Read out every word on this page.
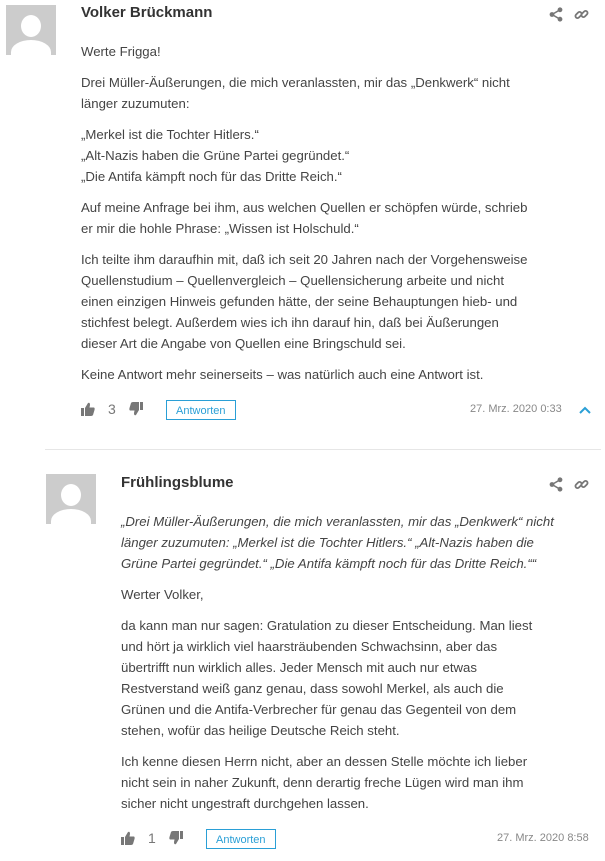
Volker Brückmann

Werte Frigga!

Drei Müller-Äußerungen, die mich veranlassten, mir das „Denkwerk“ nicht
länger zuzumuten:

„Merkel ist die Tochter Hitlers.“
„Alt-Nazis haben die Grüne Partei gegründet.“
„Die Antifa kämpft noch für das Dritte Reich.“

Auf meine Anfrage bei ihm, aus welchen Quellen er schöpfen würde, schrieb
er mir die hohle Phrase: „Wissen ist Holschuld.“

Ich teilte ihm daraufhin mit, daß ich seit 20 Jahren nach der Vorgehensweise
Quellenstudium – Quellenvergleich – Quellensicherung arbeite und nicht
einen einzigen Hinweis gefunden hätte, der seine Behauptungen hieb- und
stichfest belegt. Außerdem wies ich ihn darauf hin, daß bei Äußerungen
dieser Art die Angabe von Quellen eine Bringschuld sei.

Keine Antwort mehr seinerseits – was natürlich auch eine Antwort ist.

3	Antworten	27. Mrz. 2020 0:33
Frühlingsblume

„Drei Müller-Äußerungen, die mich veranlassten, mir das „Denkwerk“ nicht
länger zuzumuten: „Merkel ist die Tochter Hitlers.“ „Alt-Nazis haben die
Grüne Partei gegründet.“ „Die Antifa kämpft noch für das Dritte Reich.““

Werter Volker,

da kann man nur sagen: Gratulation zu dieser Entscheidung. Man liest
und hört ja wirklich viel haarsträubenden Schwachsinn, aber das
übertrifft nun wirklich alles. Jeder Mensch mit auch nur etwas
Restverstand weiß ganz genau, dass sowohl Merkel, als auch die
Grünen und die Antifa-Verbrecher für genau das Gegenteil von dem
stehen, wofür das heilige Deutsche Reich steht.

Ich kenne diesen Herrn nicht, aber an dessen Stelle möchte ich lieber
nicht sein in naher Zukunft, denn derartig freche Lügen wird man ihm
sicher nicht ungestraft durchgehen lassen.

1	Antworten	27. Mrz. 2020 8:58
